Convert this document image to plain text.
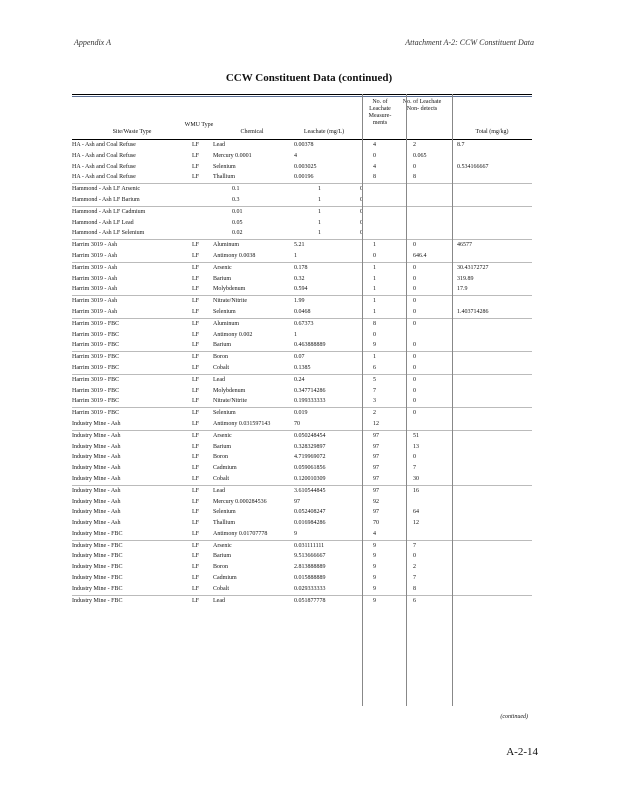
Appendix A	Attachment A-2: CCW Constituent Data
CCW Constituent Data (continued)
Site/Waste Type
WMU Type
Chemical	Leachate (mg/L)
No. of Leachate Measure- ments
No. of Leachate Non- detects
Total (mg/kg)
HA - Ash and Coal Refuse	LF Lead	0.00378	4	2	8.7
HA - Ash and Coal Refuse	LF Mercury 0.0001	4	0	0.065
HA - Ash and Coal Refuse	LF Selenium	0.003025	4	0	0.534166667
HA - Ash and Coal Refuse	LF Thallium	0.00196	8	8
Hammond - Ash LF Arsenic	0.1	1	0
Hammond - Ash LF Barium	0.3	1	0
Hammond - Ash LF Cadmium	0.01	1	0
Hammond - Ash LF Lead	0.05	1	0
Hammond - Ash LF Selenium	0.02	1	0
Harrim 3019 - Ash	LF Aluminum	5.21	1	0	46577
Harrim 3019 - Ash	LF Antimony 0.0038	1	0	646.4
Harrim 3019 - Ash	LF Arsenic	0.178	1	0	30.43172727
Harrim 3019 - Ash	LF Barium	0.32	1	0	319.89
Harrim 3019 - Ash	LF Molybdenum	0.594	1	0	17.9
Harrim 3019 - Ash	LF Nitrate/Nitrite	1.99	1	0
Harrim 3019 - Ash	LF Selenium	0.0468	1	0	1.403714286
Harrim 3019 - FBC	LF Aluminum	0.67373	8	0
Harrim 3019 - FBC	LF Antimony 0.002	1	0
Harrim 3019 - FBC	LF Barium	0.463888889	9	0
Harrim 3019 - FBC	LF Boron	0.07	1	0
Harrim 3019 - FBC	LF Cobalt	0.1385	6	0
Harrim 3019 - FBC	LF Lead	0.24	5	0
Harrim 3019 - FBC	LF Molybdenum	0.347714286	7	0
Harrim 3019 - FBC	LF Nitrate/Nitrite	0.199333333	3	0
Harrim 3019 - FBC	LF Selenium	0.019	2	0
Industry Mine - Ash	LF Antimony 0.031597143	70	12
Industry Mine - Ash	LF Arsenic	0.050248454	97	51
Industry Mine - Ash	LF Barium	0.328329897	97	13
Industry Mine - Ash	LF Boron	4.719969072	97	0
Industry Mine - Ash	LF Cadmium	0.059061856	97	7
Industry Mine - Ash	LF Cobalt	0.120010309	97	30
Industry Mine - Ash	LF Lead	3.610544845	97	16
Industry Mine - Ash	LF Mercury 0.000284536	97	92
Industry Mine - Ash	LF Selenium	0.052408247	97	64
Industry Mine - Ash	LF Thallium	0.016984286	70	12
Industry Mine - FBC	LF Antimony 0.01707778	9	4
Industry Mine - FBC	LF Arsenic	0.031111111	9	7
Industry Mine - FBC	LF Barium	9.513666667	9	0
Industry Mine - FBC	LF Boron	2.813888889	9	2
Industry Mine - FBC	LF Cadmium	0.015888889	9	7
Industry Mine - FBC	LF Cobalt	0.029333333	9	8
Industry Mine - FBC	LF Lead	0.051877778	9	6
(continued)
A-2-14
